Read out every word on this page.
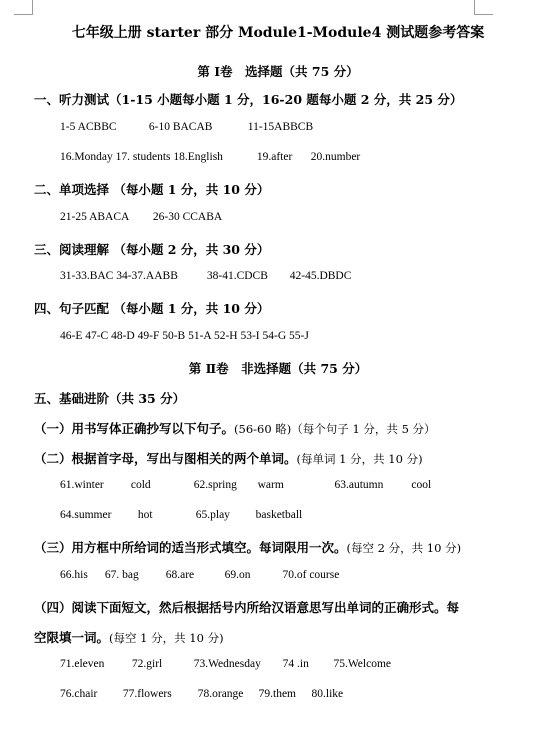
七年级上册 starter 部分 Module1-Module4 测试题参考答案
第 Ⅰ卷　选择题（共 75 分）
一、听力测试（1-15 小题每小题 1 分，16-20 题每小题 2 分，共 25 分）
1-5 ACBBC	6-10 BACAB	11-15ABBCB
16.Monday 17. students 18.English	19.after 20.number
二、单项选择 （每小题 1 分，共 10 分）
21-25 ABACA 26-30 CCABA
三、阅读理解 （每小题 2 分，共 30 分）
31-33.BAC 34-37.AABB	38-41.CDCB 42-45.DBDC
四、句子匹配 （每小题 1 分，共 10 分）
46-E 47-C 48-D 49-F 50-B 51-A 52-H 53-I 54-G 55-J
第 Ⅱ卷　非选择题（共 75 分）
五、基础进阶（共 35 分）
（一）用书写体正确抄写以下句子。(56-60 略)（每个句子 1 分，共 5 分）
（二）根据首字母，写出与图相关的两个单词。(每单词 1 分，共 10 分)
61.winter cold	62.spring warm	63.autumn cool
64.summer hot	65.play basketball
（三）用方框中所给词的适当形式填空。每词限用一次。(每空 2 分，共 10 分)
66.his 67. bag 68.are	69.on	70.of course
（四）阅读下面短文，然后根据括号内所给汉语意思写出单词的正确形式。每
空限填一词。(每空 1 分，共 10 分)
71.eleven 72.girl	73.Wednesday 74 .in 75.Welcome
76.chair 77.flowers 78.orange 79.them 80.like
